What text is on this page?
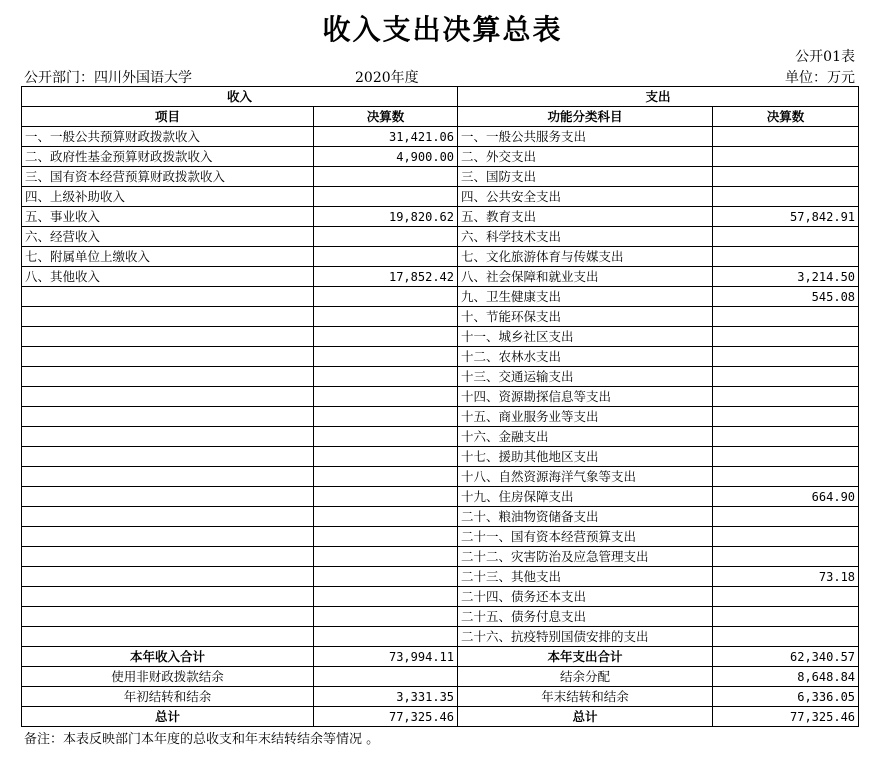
收入支出决算总表
公开01表
公开部门：四川外国语大学	2020年度	单位：万元
收入		支出	
项目	决算数	功能分类科目	决算数
一、一般公共预算财政拨款收入	31,421.06	一、一般公共服务支出	
二、政府性基金预算财政拨款收入	4,900.00	二、外交支出	
三、国有资本经营预算财政拨款收入		三、国防支出	
四、上级补助收入		四、公共安全支出	
五、事业收入	19,820.62	五、教育支出	57,842.91
六、经营收入		六、科学技术支出	
七、附属单位上缴收入		七、文化旅游体育与传媒支出	
八、其他收入	17,852.42	八、社会保障和就业支出	3,214.50
		九、卫生健康支出	545.08
		十、节能环保支出	
		十一、城乡社区支出	
		十二、农林水支出	
		十三、交通运输支出	
		十四、资源勘探信息等支出	
		十五、商业服务业等支出	
		十六、金融支出	
		十七、援助其他地区支出	
		十八、自然资源海洋气象等支出	
		十九、住房保障支出	664.90
		二十、粮油物资储备支出	
		二十一、国有资本经营预算支出	
		二十二、灾害防治及应急管理支出	
		二十三、其他支出	73.18
		二十四、债务还本支出	
		二十五、债务付息支出	
		二十六、抗疫特别国债安排的支出	
本年收入合计	73,994.11	本年支出合计	62,340.57
使用非财政拨款结余		结余分配	8,648.84
年初结转和结余	3,331.35	年末结转和结余	6,336.05
总计	77,325.46	总计	77,325.46
备注：本表反映部门本年度的总收支和年末结转结余等情况 。
